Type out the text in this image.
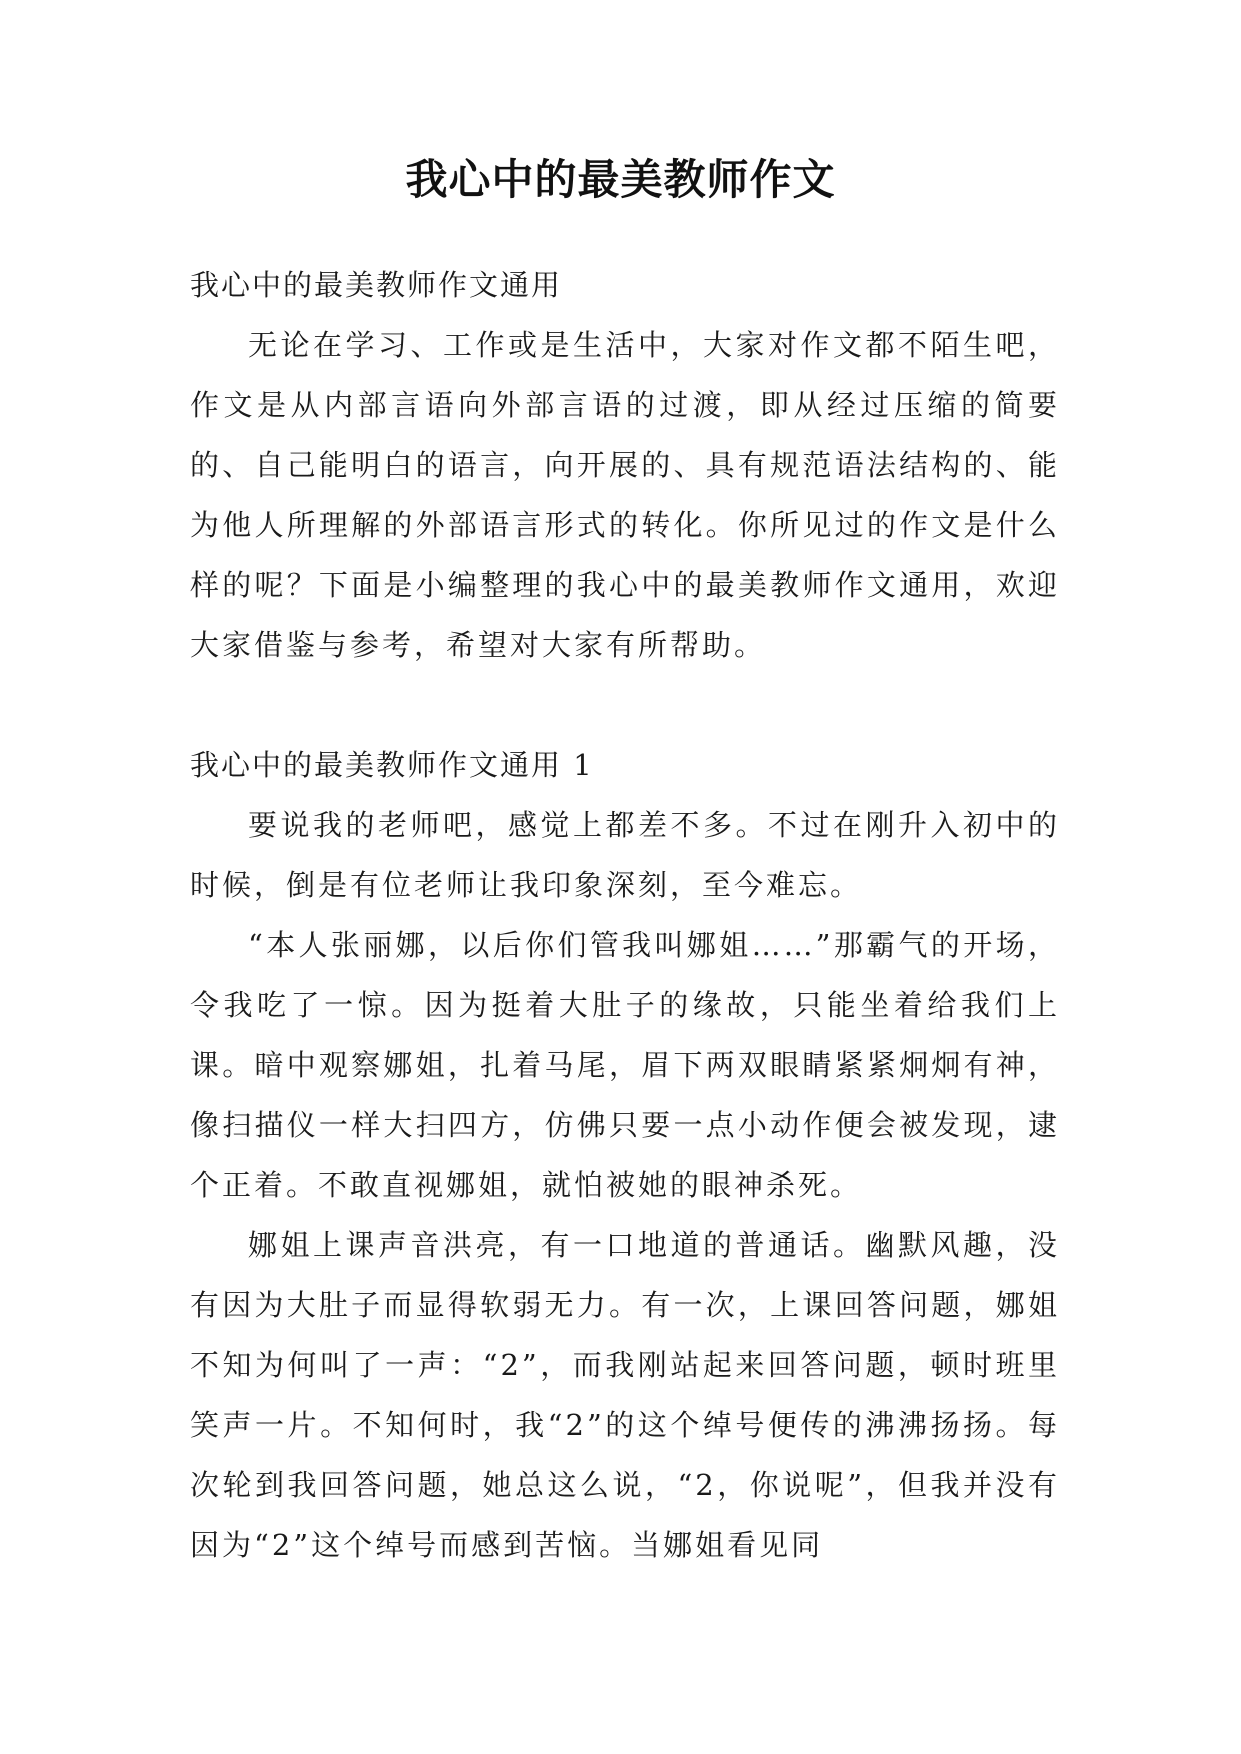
我心中的最美教师作文

我心中的最美教师作文通用

无论在学习、工作或是生活中，大家对作文都不陌生吧，作文是从内部言语向外部言语的过渡，即从经过压缩的简要的、自己能明白的语言，向开展的、具有规范语法结构的、能为他人所理解的外部语言形式的转化。你所见过的作文是什么样的呢？下面是小编整理的我心中的最美教师作文通用，欢迎大家借鉴与参考，希望对大家有所帮助。

我心中的最美教师作文通用 1

要说我的老师吧，感觉上都差不多。不过在刚升入初中的时候，倒是有位老师让我印象深刻，至今难忘。

“本人张丽娜，以后你们管我叫娜姐……”那霸气的开场，令我吃了一惊。因为挺着大肚子的缘故，只能坐着给我们上课。暗中观察娜姐，扎着马尾，眉下两双眼睛紧紧炯炯有神，像扫描仪一样大扫四方，仿佛只要一点小动作便会被发现，逮个正着。不敢直视娜姐，就怕被她的眼神杀死。

娜姐上课声音洪亮，有一口地道的普通话。幽默风趣，没有因为大肚子而显得软弱无力。有一次，上课回答问题，娜姐不知为何叫了一声：“2”，而我刚站起来回答问题，顿时班里笑声一片。不知何时，我“2”的这个绰号便传的沸沸扬扬。每次轮到我回答问题，她总这么说，“2，你说呢”，但我并没有因为“2”这个绰号而感到苦恼。当娜姐看见同
